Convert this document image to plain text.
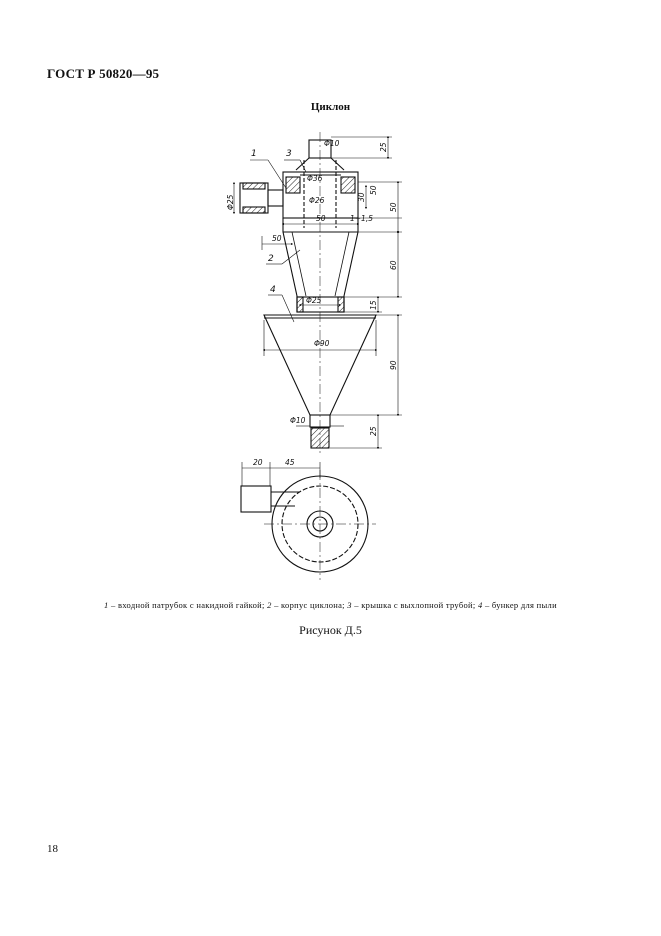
ГОСТ Р 50820—95
Циклон
Φ10
Φ36
Φ26
50	1÷1,5
50
Φ25
Φ90
Φ10
Φ25
25
50
30
50
60
15
90
25
20	45
1	3
2
4
1 – входной патрубок с накидной гайкой; 2 – корпус циклона; 3 – крышка с выхлопной трубой; 4 – бункер для пыли
Рисунок Д.5
18
